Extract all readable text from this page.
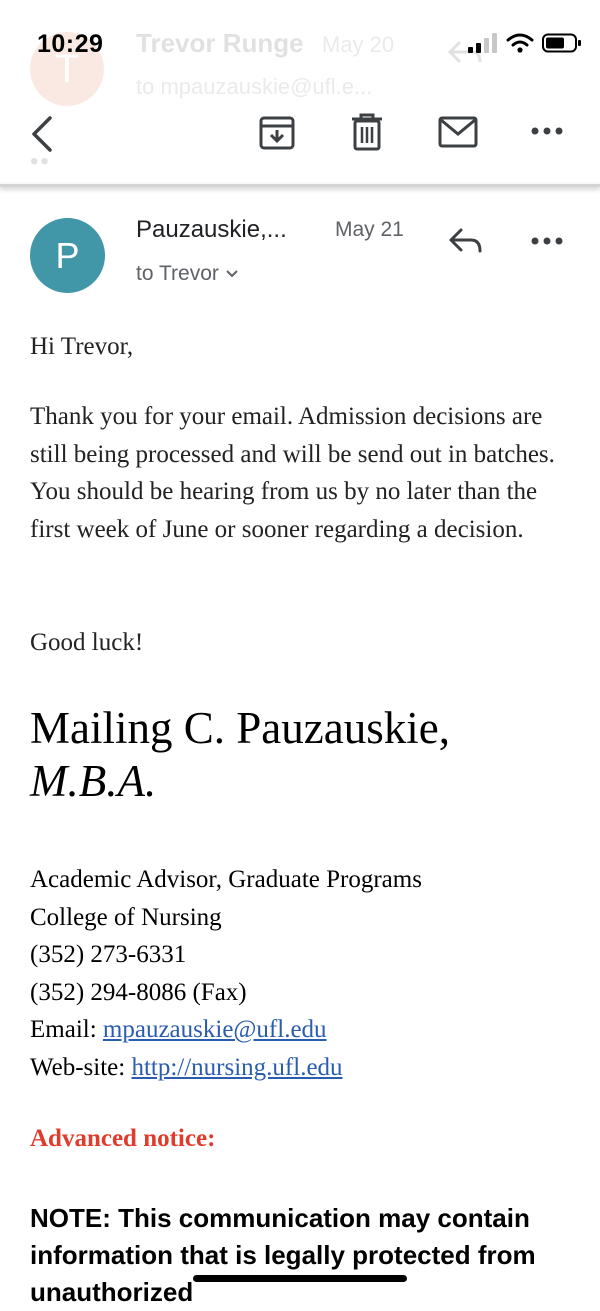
T
Trevor Runge May 20
to mpauzauskie@ufl.e...
••
10:29
P
Pauzauskie,... May 21
to Trevor

Hi Trevor,

Thank you for your email. Admission decisions are still being processed and will be send out in batches. You should be hearing from us by no later than the first week of June or sooner regarding a decision.

Good luck!

Mailing C. Pauzauskie,
M.B.A.
Academic Advisor, Graduate Programs
College of Nursing
(352) 273-6331
(352) 294-8086 (Fax)
Email: mpauzauskie@ufl.edu
Web-site: http://nursing.ufl.edu
Advanced notice:
NOTE: This communication may contain information that is legally protected from unauthorized
